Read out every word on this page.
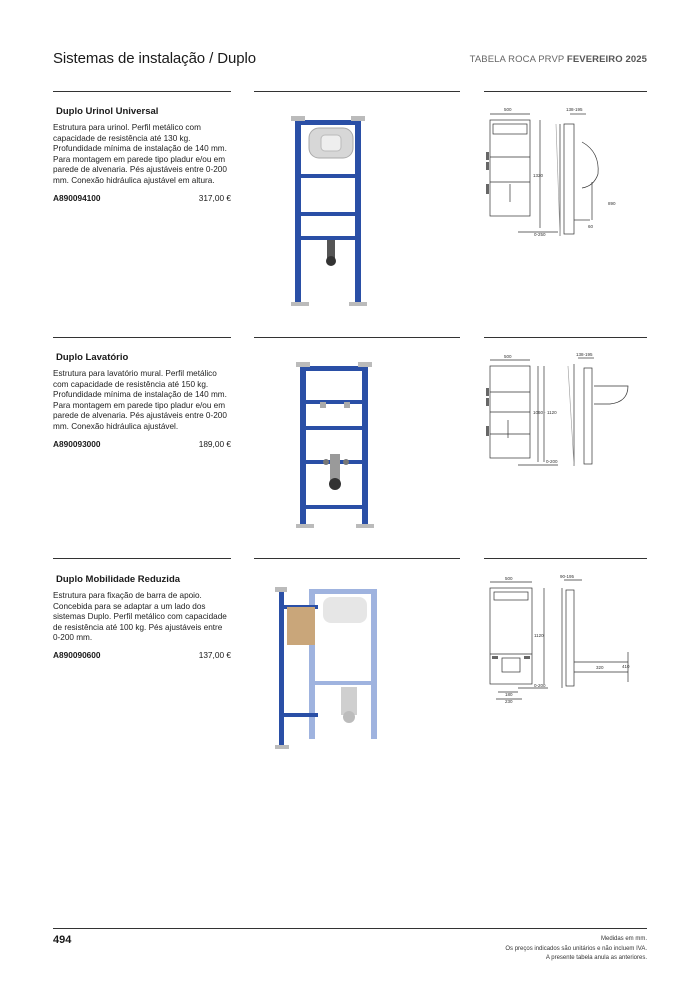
Sistemas de instalação / Duplo	TABELA ROCA PRVP FEVEREIRO 2025
Duplo Urinol Universal
Estrutura para urinol. Perfil metálico com capacidade de resistência até 130 kg. Profundidade mínima de instalação de 140 mm. Para montagem em parede tipo pladur e/ou em parede de alvenaria. Pés ajustáveis entre 0-200 mm. Conexão hidráulica ajustável em altura.
A890094100	317,00 €
Duplo Lavatório
Estrutura para lavatório mural. Perfil metálico com capacidade de resistência até 150 kg. Profundidade mínima de instalação de 140 mm. Para montagem em parede tipo pladur e/ou em parede de alvenaria. Pés ajustáveis entre 0-200 mm. Conexão hidráulica ajustável.
A890093000	189,00 €
Duplo Mobilidade Reduzida
Estrutura para fixação de barra de apoio. Concebida para se adaptar a um lado dos sistemas Duplo. Perfil metálico com capacidade de resistência até 100 kg. Pés ajustáveis entre 0-200 mm.
A890090600	137,00 €
500	138-195
1320
0-250
890
60
500	138-195
1060 · 1120
0-200
500	90-195
1120
0-200
320	410
180
230
494	Medidas em mm.
Os preços indicados são unitários e não incluem IVA.
A presente tabela anula as anteriores.
